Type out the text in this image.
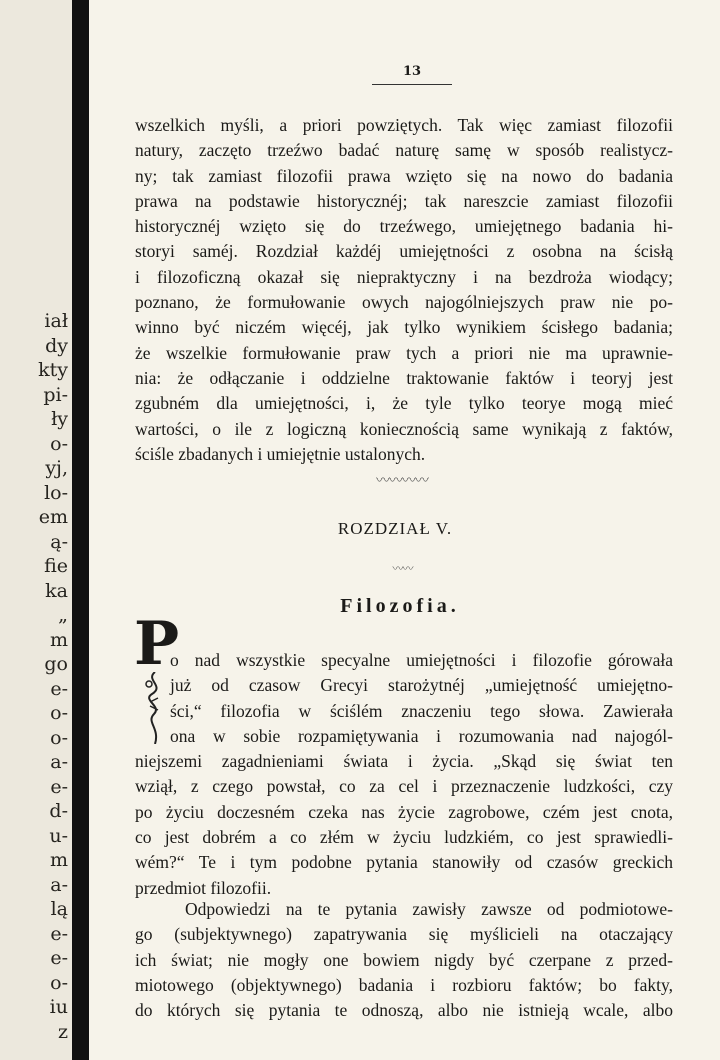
iał
dy
kty
pi-
ły
o-
yj,
lo-
em
ą-
fie
ka
„
m
go
e-
o-
o-
a-
e-
d-
u-
m
a-
lą
e-
e-
o-
iu
z
13
wszelkich myśli, a priori powziętych. Tak więc zamiast filozofii
natury, zaczęto trzeźwo badać naturę samę w sposób realistycz-
ny; tak zamiast filozofii prawa wzięto się na nowo do badania
prawa na podstawie historycznéj; tak nareszcie zamiast filozofii
historycznéj wzięto się do trzeźwego, umiejętnego badania hi-
storyi saméj. Rozdział każdéj umiejętności z osobna na ścisłą
i filozoficzną okazał się niepraktyczny i na bezdroża wiodący;
poznano, że formułowanie owych najogólniejszych praw nie po-
winno być niczém więcéj, jak tylko wynikiem ścisłego badania;
że wszelkie formułowanie praw tych a priori nie ma uprawnie-
nia: że odłączanie i oddzielne traktowanie faktów i teoryj jest
zgubném dla umiejętności, i, że tyle tylko teorye mogą mieć
wartości, o ile z logiczną koniecznością same wynikają z faktów,
ściśle zbadanych i umiejętnie ustalonych.
〰〰〰〰
ROZDZIAŁ V.
〰〰
Filozofia.
P
o nad wszystkie specyalne umiejętności i filozofie górowała
już od czasow Grecyi starożytnéj „umiejętność umiejętno-
ści,“ filozofia w ściślém znaczeniu tego słowa. Zawierała
ona w sobie rozpamiętywania i rozumowania nad najogól-
niejszemi zagadnieniami świata i życia. „Skąd się świat ten
wziął, z czego powstał, co za cel i przeznaczenie ludzkości, czy
po życiu doczesném czeka nas życie zagrobowe, czém jest cnota,
co jest dobrém a co złém w życiu ludzkiém, co jest sprawiedli-
wém?“ Te i tym podobne pytania stanowiły od czasów greckich
przedmiot filozofii.
Odpowiedzi na te pytania zawisły zawsze od podmiotowe-
go (subjektywnego) zapatrywania się myślicieli na otaczający
ich świat; nie mogły one bowiem nigdy być czerpane z przed-
miotowego (objektywnego) badania i rozbioru faktów; bo fakty,
do których się pytania te odnoszą, albo nie istnieją wcale, albo
